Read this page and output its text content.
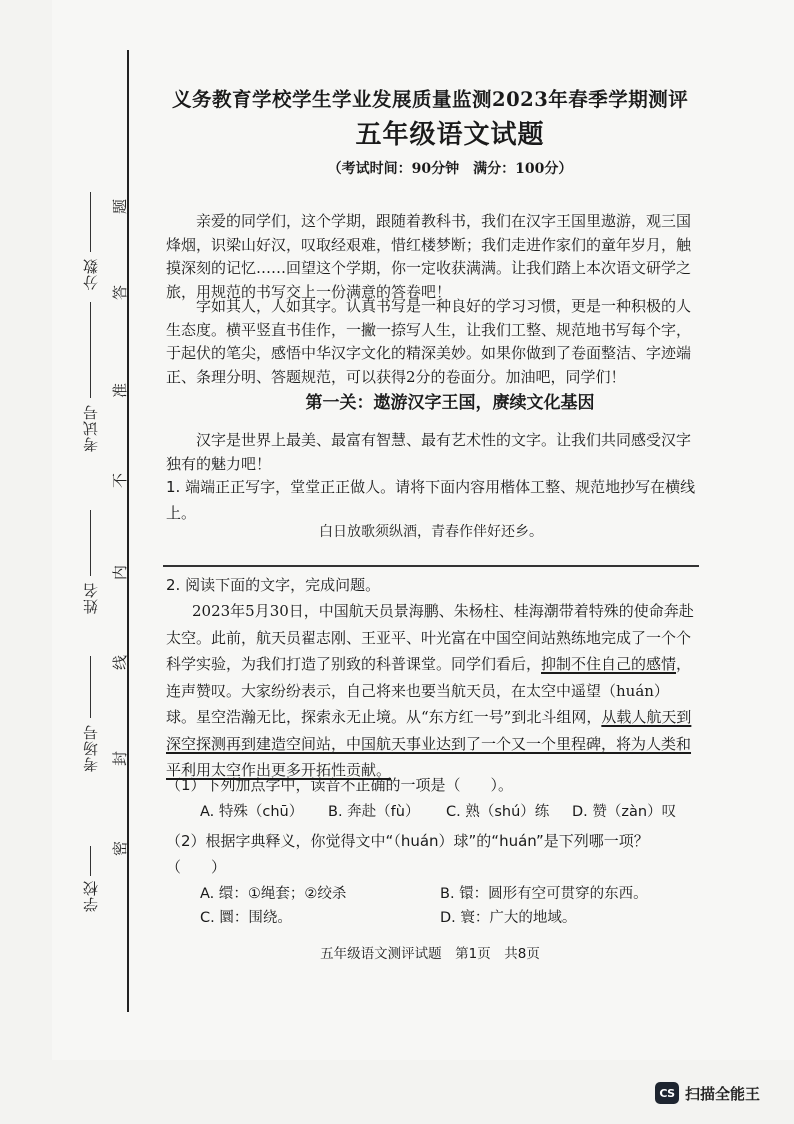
学校
考场号
姓名
考试号
分数
题
答
准
不
内
线
封
密
义务教育学校学生学业发展质量监测2023年春季学期测评
五年级语文试题
（考试时间：90分钟　满分：100分）
亲爱的同学们，这个学期，跟随着教科书，我们在汉字王国里遨游，观三国烽烟，识梁山好汉，叹取经艰难，惜红楼梦断；我们走进作家们的童年岁月，触摸深刻的记忆……回望这个学期，你一定收获满满。让我们踏上本次语文研学之旅，用规范的书写交上一份满意的答卷吧！
字如其人，人如其字。认真书写是一种良好的学习习惯，更是一种积极的人生态度。横平竖直书佳作，一撇一捺写人生，让我们工整、规范地书写每个字，于起伏的笔尖，感悟中华汉字文化的精深美妙。如果你做到了卷面整洁、字迹端正、条理分明、答题规范，可以获得2分的卷面分。加油吧，同学们！
第一关：遨游汉字王国，赓续文化基因
汉字是世界上最美、最富有智慧、最有艺术性的文字。让我们共同感受汉字独有的魅力吧！
1. 端端正正写字，堂堂正正做人。请将下面内容用楷体工整、规范地抄写在横线上。
白日放歌须纵酒，青春作伴好还乡。
2. 阅读下面的文字，完成问题。
2023年5月30日，中国航天员景海鹏、朱杨柱、桂海潮带着特殊的使命奔赴太空。此前，航天员翟志刚、王亚平、叶光富在中国空间站熟练地完成了一个个科学实验，为我们打造了别致的科普课堂。同学们看后，抑制不住自己的感情，连声赞叹。大家纷纷表示，自己将来也要当航天员，在太空中遥望（huán）球。星空浩瀚无比，探索永无止境。从“东方红一号”到北斗组网，从载人航天到深空探测再到建造空间站，中国航天事业达到了一个又一个里程碑，将为人类和平利用太空作出更多开拓性贡献。
（1）下列加点字中，读音不正确的一项是（　　）。
A. 特殊（chū） B. 奔赴（fù） C. 熟（shú）练 D. 赞（zàn）叹
（2）根据字典释义，你觉得文中“（huán）球”的“huán”是下列哪一项？（　　）
A. 缳：①绳套；②绞杀	B. 镮：圆形有空可贯穿的东西。
C. 圜：围绕。	D. 寰：广大的地域。
五年级语文测评试题　第1页　共8页
CS 扫描全能王
